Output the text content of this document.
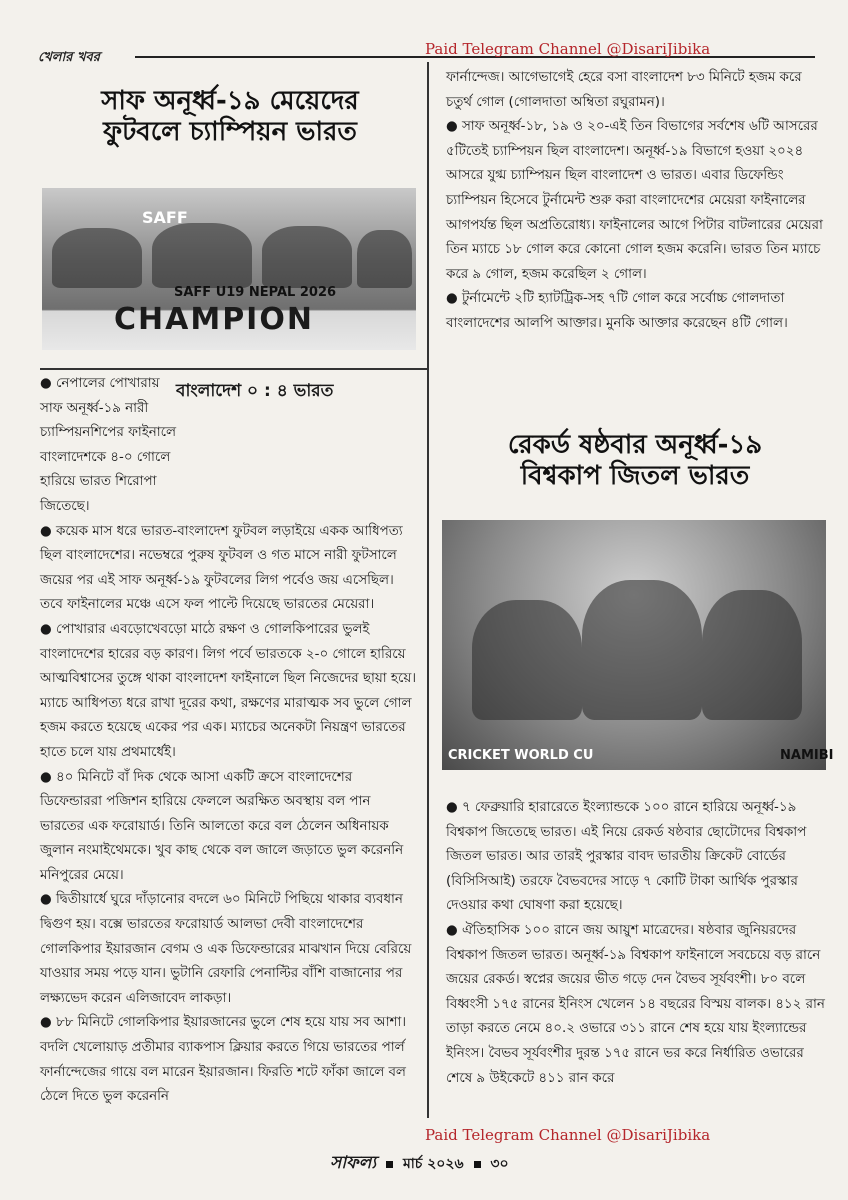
খেলার খবর	Paid Telegram Channel @DisariJibika
সাফ অনূর্ধ্ব-১৯ মেয়েদের
ফুটবলে চ্যাম্পিয়ন ভারত
SAFF
SAFF U19 NEPAL 2026
CHAMPION
বাংলাদেশ ০ : ৪ ভারত
● নেপালের পোখারায় সাফ অনূর্ধ্ব-১৯ নারী চ্যাম্পিয়নশিপের ফাইনালে বাংলাদেশকে ৪-০ গোলে হারিয়ে ভারত শিরোপা জিতেছে।
● কয়েক মাস ধরে ভারত-বাংলাদেশ ফুটবল লড়াইয়ে একক আধিপত্য ছিল বাংলাদেশের। নভেম্বরে পুরুষ ফুটবল ও গত মাসে নারী ফুটসালে জয়ের পর এই সাফ অনূর্ধ্ব-১৯ ফুটবলের লিগ পর্বেও জয় এসেছিল। তবে ফাইনালের মঞ্চে এসে ফল পাল্টে দিয়েছে ভারতের মেয়েরা।
● পোখারার এবড়োখেবড়ো মাঠে রক্ষণ ও গোলকিপারের ভুলই বাংলাদেশের হারের বড় কারণ। লিগ পর্বে ভারতকে ২-০ গোলে হারিয়ে আত্মবিশ্বাসের তুঙ্গে থাকা বাংলাদেশ ফাইনালে ছিল নিজেদের ছায়া হয়ে। ম্যাচে আধিপত্য ধরে রাখা দূরের কথা, রক্ষণের মারাত্মক সব ভুলে গোল হজম করতে হয়েছে একের পর এক। ম্যাচের অনেকটা নিয়ন্ত্রণ ভারতের হাতে চলে যায় প্রথমার্ধেই।
● ৪০ মিনিটে বাঁ দিক থেকে আসা একটি ক্রসে বাংলাদেশের ডিফেন্ডাররা পজিশন হারিয়ে ফেললে অরক্ষিত অবস্থায় বল পান ভারতের এক ফরোয়ার্ড। তিনি আলতো করে বল ঠেলেন অধিনায়ক জুলান নংমাইথেমকে। খুব কাছ থেকে বল জালে জড়াতে ভুল করেননি মনিপুরের মেয়ে।
● দ্বিতীয়ার্ধে ঘুরে দাঁড়ানোর বদলে ৬০ মিনিটে পিছিয়ে থাকার ব্যবধান দ্বিগুণ হয়। বক্সে ভারতের ফরোয়ার্ড আলভা দেবী বাংলাদেশের গোলকিপার ইয়ারজান বেগম ও এক ডিফেন্ডারের মাঝখান দিয়ে বেরিয়ে যাওয়ার সময় পড়ে যান। ভুটানি রেফারি পেনাল্টির বাঁশি বাজানোর পর লক্ষ্যভেদ করেন এলিজাবেদ লাকড়া।
● ৮৮ মিনিটে গোলকিপার ইয়ারজানের ভুলে শেষ হয়ে যায় সব আশা। বদলি খেলোয়াড় প্রতীমার ব্যাকপাস ক্লিয়ার করতে গিয়ে ভারতের পার্ল ফার্নান্দেজের গায়ে বল মারেন ইয়ারজান। ফিরতি শটে ফাঁকা জালে বল ঠেলে দিতে ভুল করেননি
ফার্নান্দেজ। আগেভাগেই হেরে বসা বাংলাদেশ ৮৩ মিনিটে হজম করে চতুর্থ গোল (গোলদাতা অম্বিতা রঘুরামন)।
● সাফ অনূর্ধ্ব-১৮, ১৯ ও ২০-এই তিন বিভাগের সর্বশেষ ৬টি আসরের ৫টিতেই চ্যাম্পিয়ন ছিল বাংলাদেশ। অনূর্ধ্ব-১৯ বিভাগে হওয়া ২০২৪ আসরে যুগ্ম চ্যাম্পিয়ন ছিল বাংলাদেশ ও ভারত। এবার ডিফেন্ডিং চ্যাম্পিয়ন হিসেবে টুর্নামেন্ট শুরু করা বাংলাদেশের মেয়েরা ফাইনালের আগপর্যন্ত ছিল অপ্রতিরোধ্য। ফাইনালের আগে পিটার বাটলারের মেয়েরা তিন ম্যাচে ১৮ গোল করে কোনো গোল হজম করেনি। ভারত তিন ম্যাচে করে ৯ গোল, হজম করেছিল ২ গোল।
● টুর্নামেন্টে ২টি হ্যাটট্রিক-সহ ৭টি গোল করে সর্বোচ্চ গোলদাতা বাংলাদেশের আলপি আক্তার। মুনকি আক্তার করেছেন ৪টি গোল।
রেকর্ড ষষ্ঠবার অনূর্ধ্ব-১৯
বিশ্বকাপ জিতল ভারত
CRICKET WORLD CU	NAMIBI
● ৭ ফেব্রুয়ারি হারারেতে ইংল্যান্ডকে ১০০ রানে হারিয়ে অনূর্ধ্ব-১৯ বিশ্বকাপ জিতেছে ভারত। এই নিয়ে রেকর্ড ষষ্ঠবার ছোটোদের বিশ্বকাপ জিতল ভারত। আর তারই পুরস্কার বাবদ ভারতীয় ক্রিকেট বোর্ডের (বিসিসিআই) তরফে বৈভবদের সাড়ে ৭ কোটি টাকা আর্থিক পুরস্কার দেওয়ার কথা ঘোষণা করা হয়েছে।
● ঐতিহাসিক ১০০ রানে জয় আয়ুশ মাত্রেদের। ষষ্ঠবার জুনিয়রদের বিশ্বকাপ জিতল ভারত। অনূর্ধ্ব-১৯ বিশ্বকাপ ফাইনালে সবচেয়ে বড় রানে জয়ের রেকর্ড। স্বপ্নের জয়ের ভীত গড়ে দেন বৈভব সূর্যবংশী। ৮০ বলে বিধ্বংসী ১৭৫ রানের ইনিংস খেলেন ১৪ বছরের বিস্ময় বালক। ৪১২ রান তাড়া করতে নেমে ৪০.২ ওভারে ৩১১ রানে শেষ হয়ে যায় ইংল্যান্ডের ইনিংস। বৈভব সূর্যবংশীর দুরন্ত ১৭৫ রানে ভর করে নির্ধারিত ওভারের শেষে ৯ উইকেটে ৪১১ রান করে
Paid Telegram Channel @DisariJibika
সাফল্য মার্চ ২০২৬ ৩০
